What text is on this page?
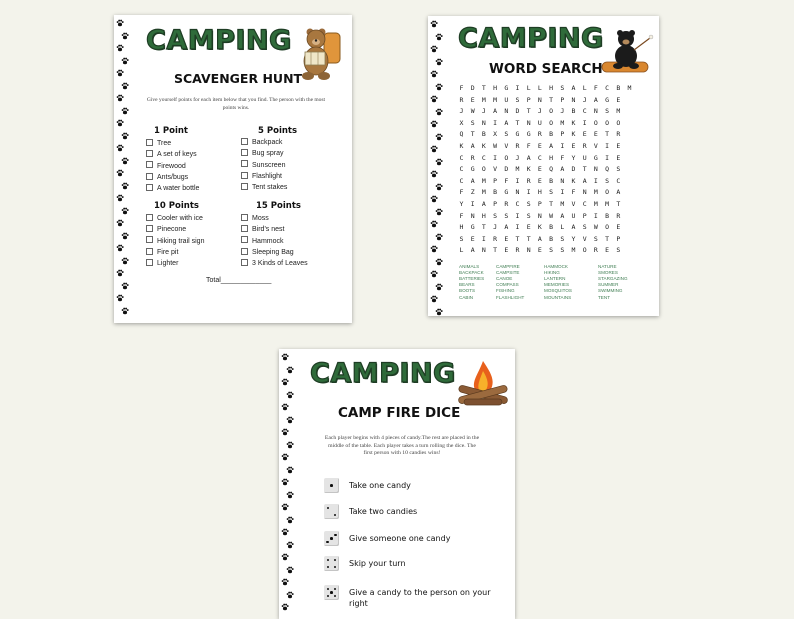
CAMPING
SCAVENGER HUNT
Give yourself points for each item below that you find. The person with the most points wins.
1 Point	5 Points
10 Points	15 Points
Tree
A set of keys
Firewood
Ants/bugs
A water bottle
Backpack
Bug spray
Sunscreen
Flashlight
Tent stakes
Cooler with ice
Pinecone
Hiking trail sign
Fire pit
Lighter
Moss
Bird's nest
Hammock
Sleeping Bag
3 Kinds of Leaves
Total_____________
CAMPING
WORD SEARCH
F	D	T	H	G	I	L	L	H	S	A	L	F	C	B	M
R	E	M	M	U	S	P	N	T	P	N	J	A	G	E
J	W	J	A	N	D	T	J	O	J	B	C	N	S	M
X	S	N	I	A	T	N	U	O	M	K	I	O	O	O
Q	T	B	X	S	G	G	R	B	P	K	E	E	T	R
K	A	K	W	V	R	F	E	A	I	E	R	V	I	E
C	R	C	I	O	J	A	C	H	F	Y	U	G	I	E
C	G	O	V	D	M	K	E	Q	A	D	T	N	Q	S
C	A	M	P	F	I	R	E	B	N	K	A	I	S	C
F	Z	M	B	G	N	I	H	S	I	F	N	M	O	A
Y	I	A	P	R	C	S	P	T	M	V	C	M	M	T
F	N	H	S	S	I	S	N	W	A	U	P	I	B	R
H	G	T	J	A	I	E	K	B	L	A	S	W	O	E
S	E	I	R	E	T	T	A	B	S	Y	V	S	T	P
L	A	N	T	E	R	N	E	S	S	M	O	R	E	S
ANIMALS
BACKPACK
BATTERIES
BEARS
BOOTS
CABIN
CAMPFIRE
CAMPSITE
CANOE
COMPASS
FISHING
FLASHLIGHT
HAMMOCK
HIKING
LANTERN
MEMORIES
MOSQUITOS
MOUNTAINS
NATURE
SMORES
STARGAZING
SUMMER
SWIMMING
TENT
CAMPING
CAMP FIRE DICE
Each player begins with 4 pieces of candy.The rest are placed in the
middle of the table. Each player takes a turn rolling the dice. The
first person with 10 candies wins!
Take one candy
Take two candies
Give someone one candy
Skip your turn
Give a candy to the person on your right
